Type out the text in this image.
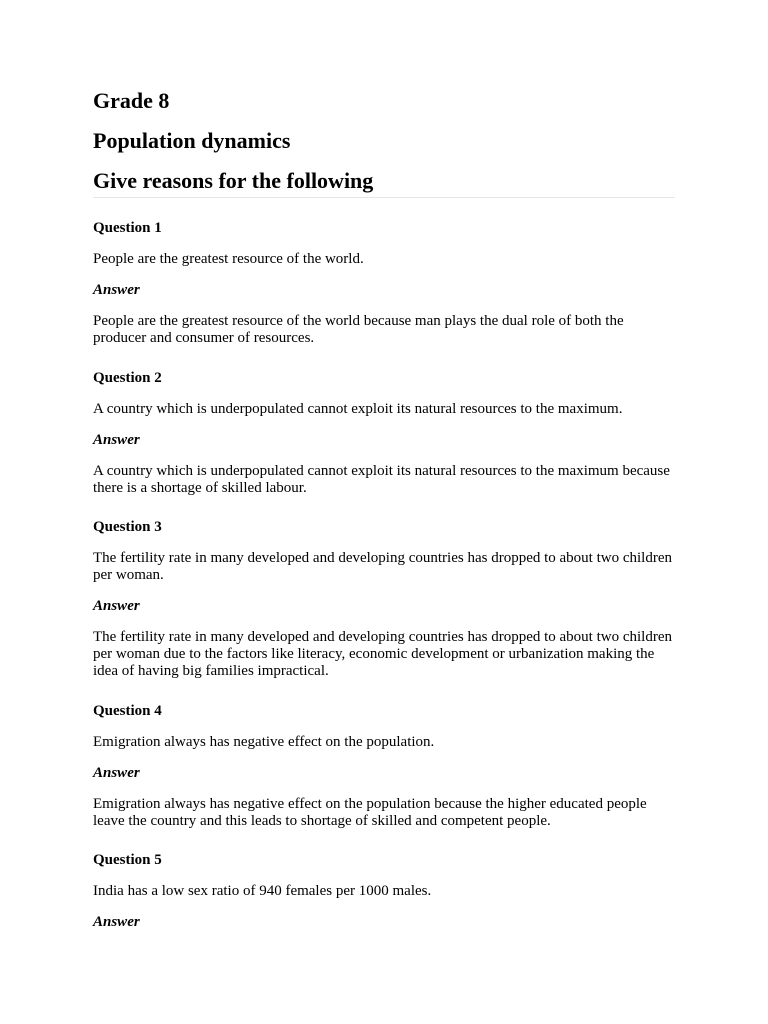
Grade 8
Population dynamics
Give reasons for the following

Question 1

People are the greatest resource of the world.

Answer

People are the greatest resource of the world because man plays the dual role of both the producer and consumer of resources.

Question 2

A country which is underpopulated cannot exploit its natural resources to the maximum.

Answer

A country which is underpopulated cannot exploit its natural resources to the maximum because there is a shortage of skilled labour.

Question 3

The fertility rate in many developed and developing countries has dropped to about two children per woman.

Answer

The fertility rate in many developed and developing countries has dropped to about two children per woman due to the factors like literacy, economic development or urbanization making the idea of having big families impractical.

Question 4

Emigration always has negative effect on the population.

Answer

Emigration always has negative effect on the population because the higher educated people leave the country and this leads to shortage of skilled and competent people.

Question 5

India has a low sex ratio of 940 females per 1000 males.

Answer
